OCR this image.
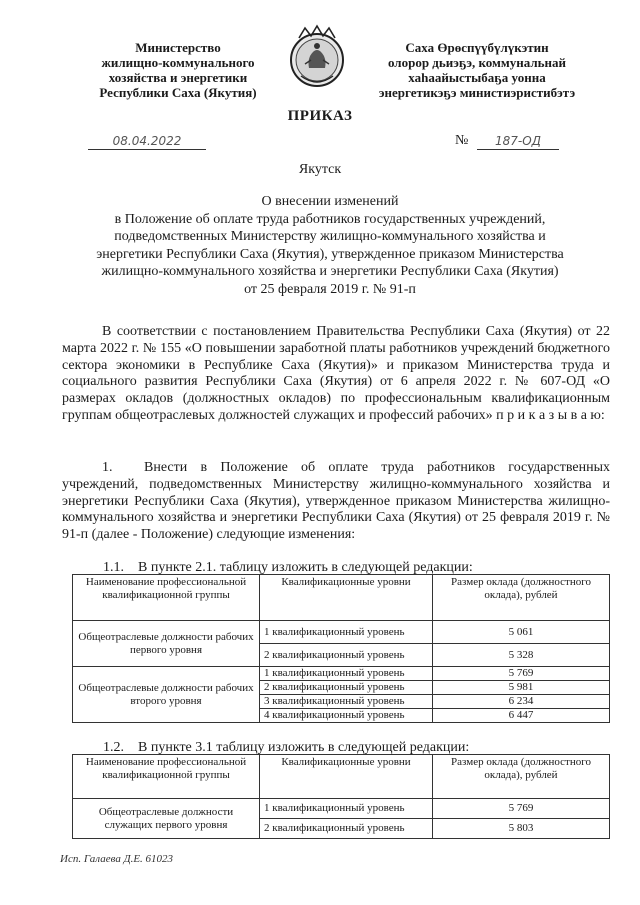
Министерство
жилищно-коммунального
хозяйства и энергетики
Республики Саха (Якутия)
Саха Өрөспүүбүлүкэтин
олорор дьиэҕэ, коммунальнай
хаһаайыстыбаҕа уонна
энергетикэҕэ министиэристибэтэ
ПРИКАЗ
08.04.2022	№	187-ОД
Якутск
О внесении изменений
в Положение об оплате труда работников государственных учреждений,
подведомственных Министерству жилищно-коммунального хозяйства и
энергетики Республики Саха (Якутия), утвержденное приказом Министерства
жилищно-коммунального хозяйства и энергетики Республики Саха (Якутия)
от 25 февраля 2019 г. № 91-п
В соответствии с постановлением Правительства Республики Саха (Якутия) от 22 марта 2022 г. № 155 «О повышении заработной платы работников учреждений бюджетного сектора экономики в Республике Саха (Якутия)» и приказом Министерства труда и социального развития Республики Саха (Якутия) от 6 апреля 2022 г. № 607-ОД «О размерах окладов (должностных окладов) по профессиональным квалификационным группам общеотраслевых должностей служащих и профессий рабочих» п р и к а з ы в а ю:
1. Внести в Положение об оплате труда работников государственных учреждений, подведомственных Министерству жилищно-коммунального хозяйства и энергетики Республики Саха (Якутия), утвержденное приказом Министерства жилищно-коммунального хозяйства и энергетики Республики Саха (Якутия) от 25 февраля 2019 г. № 91-п (далее - Положение) следующие изменения:
1.1. В пункте 2.1. таблицу изложить в следующей редакции:
Наименование профессиональной квалификационной группы	Квалификационные уровни	Размер оклада (должностного оклада), рублей
Общеотраслевые должности рабочих первого уровня	1 квалификационный уровень	5 061
	2 квалификационный уровень	5 328
Общеотраслевые должности рабочих второго уровня	1 квалификационный уровень	5 769
	2 квалификационный уровень	5 981
	3 квалификационный уровень	6 234
	4 квалификационный уровень	6 447
1.2. В пункте 3.1 таблицу изложить в следующей редакции:
Наименование профессиональной квалификационной группы	Квалификационные уровни	Размер оклада (должностного оклада), рублей
Общеотраслевые должности служащих первого уровня	1 квалификационный уровень	5 769
	2 квалификационный уровень	5 803
Исп. Галаева Д.Е. 61023
